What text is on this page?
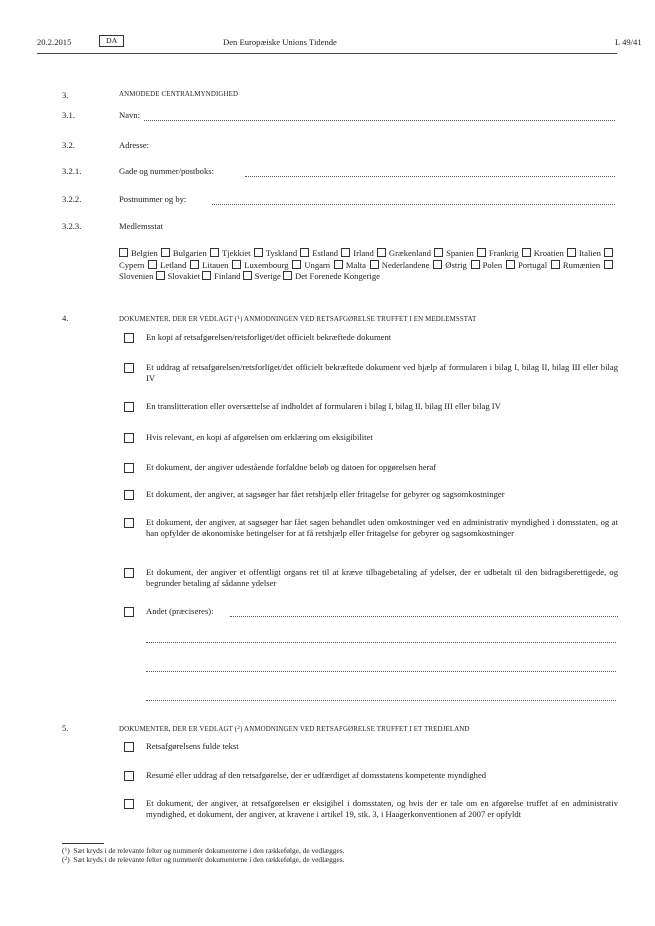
20.2.2015	DA	Den Europæiske Unions Tidende	L 49/41
3.	ANMODEDE CENTRALMYNDIGHED
3.1.	Navn:
3.2.	Adresse:
3.2.1.	Gade og nummer/postboks:
3.2.2.	Postnummer og by:
3.2.3.	Medlemsstat
Belgien Bulgarien Tjekkiet Tyskland Estland Irland Grækenland Spanien Frankrig Kroatien Italien Cypern Letland Litauen Luxembourg Ungarn Malta Nederlandene Østrig Polen Portugal Rumænien Slovenien Slovakiet Finland Sverige Det Forenede Kongerige
4.	DOKUMENTER, DER ER VEDLAGT ($^1$) ANMODNINGEN VED RETSAFGØRELSE TRUFFET I EN MEDLEMSSTAT
En kopi af retsafgørelsen/retsforliget/det officielt bekræftede dokument
Et uddrag af retsafgørelsen/retsforliget/det officielt bekræftede dokument ved hjælp af formularen i bilag I, bilag II, bilag III eller bilag IV
En translitteration eller oversættelse af indholdet af formularen i bilag I, bilag II, bilag III eller bilag IV
Hvis relevant, en kopi af afgørelsen om erklæring om eksigibilitet
Et dokument, der angiver udestående forfaldne beløb og datoen for opgørelsen heraf
Et dokument, der angiver, at sagsøger har fået retshjælp eller fritagelse for gebyrer og sagsomkostninger
Et dokument, der angiver, at sagsøger har fået sagen behandlet uden omkostninger ved en administrativ myndighed i domsstaten, og at han opfylder de økonomiske betingelser for at få retshjælp eller fritagelse for gebyrer og sagsomkostninger
Et dokument, der angiver et offentligt organs ret til at kræve tilbagebetaling af ydelser, der er udbetalt til den bidragsberettigede, og begrunder betaling af sådanne ydelser
Andet (præciseres):
5.	DOKUMENTER, DER ER VEDLAGT ($^2$) ANMODNINGEN VED RETSAFGØRELSE TRUFFET I ET TREDJELAND
Retsafgørelsens fulde tekst
Resumé eller uddrag af den retsafgørelse, der er udfærdiget af domsstatens kompetente myndighed
Et dokument, der angiver, at retsafgørelsen er eksigibel i domsstaten, og hvis der er tale om en afgørelse truffet af en administrativ myndighed, et dokument, der angiver, at kravene i artikel 19, stk. 3, i Haagerkonventionen af 2007 er opfyldt
($^1$)  Sæt kryds i de relevante felter og nummerér dokumenterne i den rækkefølge, de vedlægges.
($^2$)  Sæt kryds i de relevante felter og nummerér dokumenterne i den rækkefølge, de vedlægges.
